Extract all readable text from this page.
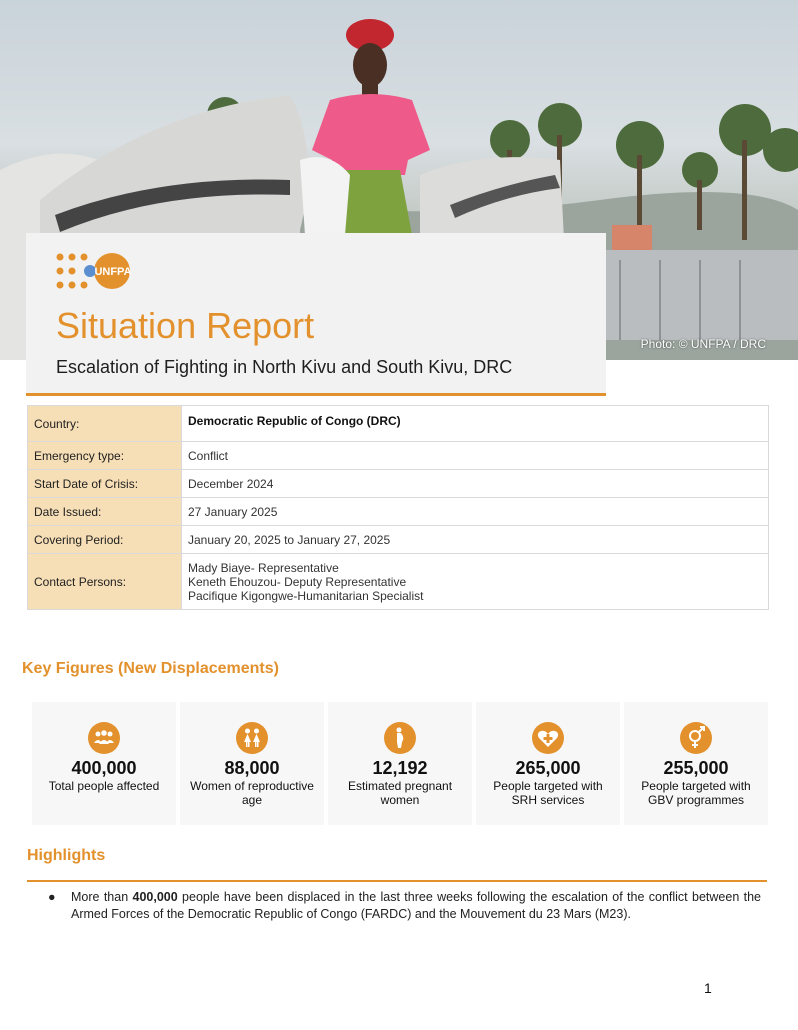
Photo: © UNFPA / DRC
UNFPA
Situation Report

Escalation of Fighting in North Kivu and South Kivu, DRC

Country:	Democratic Republic of Congo (DRC)
Emergency type:	Conflict
Start Date of Crisis:	December 2024
Date Issued:	27 January 2025
Covering Period:	January 20, 2025 to January 27, 2025
Contact Persons:	Mady Biaye- Representative
Keneth Ehouzou- Deputy Representative
Pacifique Kigongwe-Humanitarian Specialist
Key Figures (New Displacements)
400,000
Total people affected
88,000
Women of reproductive age
12,192
Estimated pregnant women
265,000
People targeted with SRH services
255,000
People targeted with GBV programmes
Highlights
● More than 400,000 people have been displaced in the last three weeks following the escalation of the conflict between the Armed Forces of the Democratic Republic of Congo (FARDC) and the Mouvement du 23 Mars (M23).
1
